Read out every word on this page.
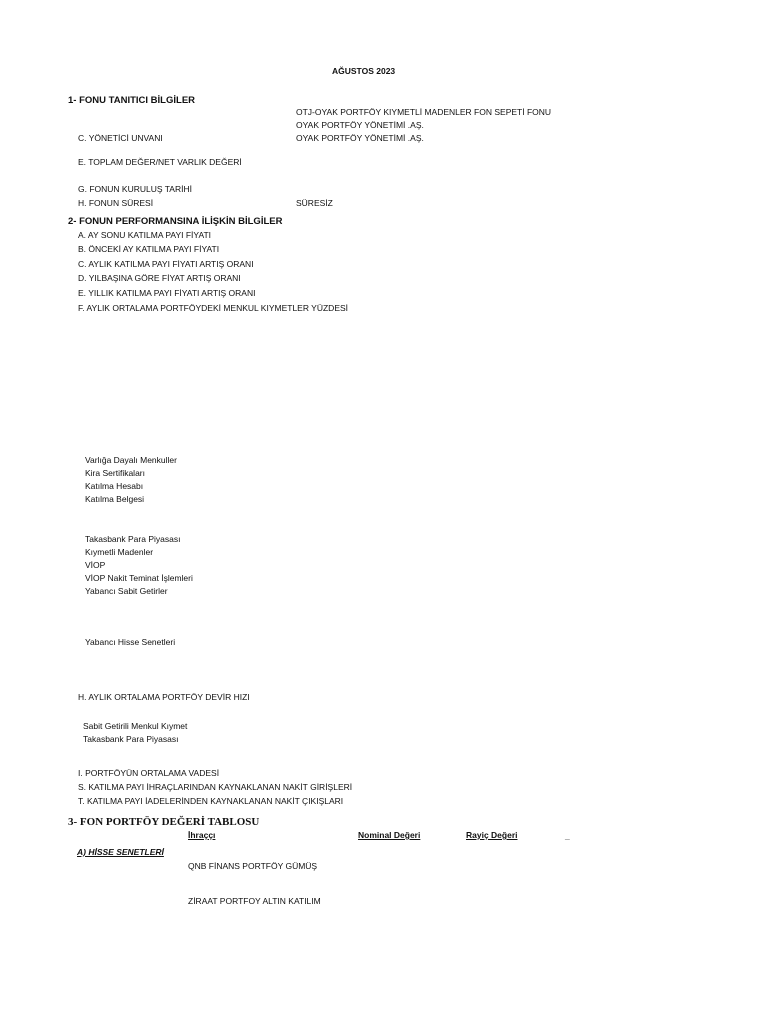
AĞUSTOS 2023
1- FONU TANITICI BİLGİLER
OTJ-OYAK PORTFÖY KIYMETLİ MADENLER FON SEPETİ FONU
OYAK PORTFÖY YÖNETİMİ .AŞ.
C. YÖNETİCİ UNVANI	OYAK PORTFÖY YÖNETİMİ .AŞ.
E. TOPLAM DEĞER/NET VARLIK DEĞERİ
G. FONUN KURULUŞ TARİHİ
H. FONUN SÜRESİ	SÜRESİZ
2- FONUN PERFORMANSINA İLİŞKİN BİLGİLER
A. AY SONU KATILMA PAYI FİYATI
B. ÖNCEKİ AY KATILMA PAYI FİYATI
C. AYLIK KATILMA PAYI FİYATI ARTIŞ ORANI
D. YILBAŞINA GÖRE FİYAT ARTIŞ ORANI
E. YILLIK KATILMA PAYI FİYATI ARTIŞ ORANI
F. AYLIK ORTALAMA PORTFÖYDEKİ MENKUL KIYMETLER YÜZDESİ
Varlığa Dayalı Menkuller
Kira Sertifikaları
Katılma Hesabı
Katılma Belgesi
Takasbank Para Piyasası
Kıymetli Madenler
VİOP
VİOP Nakit Teminat İşlemleri
Yabancı Sabit Getirler
Yabancı Hisse Senetleri
H. AYLIK ORTALAMA PORTFÖY DEVİR HIZI
Sabit Getirili Menkul Kıymet
Takasbank Para Piyasası
I. PORTFÖYÜN ORTALAMA VADESİ
S. KATILMA PAYI İHRAÇLARINDAN KAYNAKLANAN NAKİT GİRİŞLERİ
T. KATILMA PAYI İADELERİNDEN KAYNAKLANAN NAKİT ÇIKIŞLARI
3- FON PORTFÖY DEĞERİ TABLOSU
İhraççı	Nominal Değeri	Rayiç Değeri	_
A) HİSSE SENETLERİ
QNB FİNANS PORTFÖY GÜMÜŞ
ZİRAAT PORTFOY ALTIN KATILIM
